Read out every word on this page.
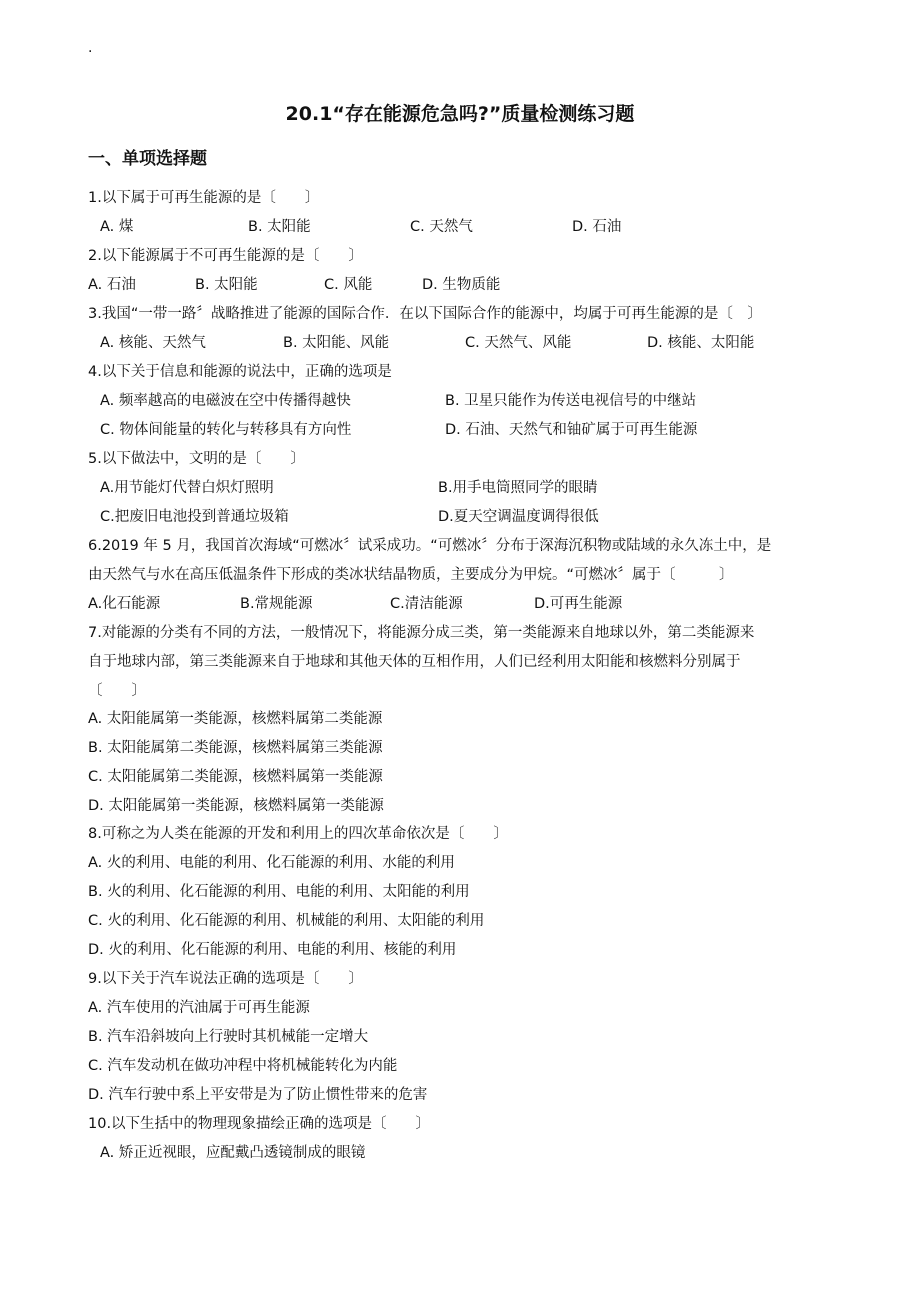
.
20.1“存在能源危急吗?”质量检测练习题
一、单项选择题
1.以下属于可再生能源的是〔　　〕
A. 煤	B. 太阳能	C. 天然气	D. 石油
2.以下能源属于不可再生能源的是〔　　〕
A. 石油	B. 太阳能	C. 风能	D. 生物质能
3.我国“一带一路〞战略推进了能源的国际合作．在以下国际合作的能源中，均属于可再生能源的是〔　〕
A. 核能、天然气	B. 太阳能、风能	C. 天然气、风能	D. 核能、太阳能
4.以下关于信息和能源的说法中，正确的选项是
A. 频率越高的电磁波在空中传播得越快	B. 卫星只能作为传送电视信号的中继站
C. 物体间能量的转化与转移具有方向性	D. 石油、天然气和铀矿属于可再生能源
5.以下做法中，文明的是〔　　〕
A.用节能灯代替白炽灯照明	B.用手电筒照同学的眼睛
C.把废旧电池投到普通垃圾箱	D.夏天空调温度调得很低
6.2019 年 5 月，我国首次海域“可燃冰〞试采成功。“可燃冰〞分布于深海沉积物或陆域的永久冻土中，是
由天然气与水在高压低温条件下形成的类冰状结晶物质，主要成分为甲烷。“可燃冰〞属于〔　　　〕
A.化石能源	B.常规能源	C.清洁能源	D.可再生能源
7.对能源的分类有不同的方法，一般情况下，将能源分成三类，第一类能源来自地球以外，第二类能源来
自于地球内部，第三类能源来自于地球和其他天体的互相作用，人们已经利用太阳能和核燃料分别属于
〔　　〕
A. 太阳能属第一类能源，核燃料属第二类能源
B. 太阳能属第二类能源，核燃料属第三类能源
C. 太阳能属第二类能源，核燃料属第一类能源
D. 太阳能属第一类能源，核燃料属第一类能源
8.可称之为人类在能源的开发和利用上的四次革命依次是〔　　〕
A. 火的利用、电能的利用、化石能源的利用、水能的利用
B. 火的利用、化石能源的利用、电能的利用、太阳能的利用
C. 火的利用、化石能源的利用、机械能的利用、太阳能的利用
D. 火的利用、化石能源的利用、电能的利用、核能的利用
9.以下关于汽车说法正确的选项是〔　　〕
A. 汽车使用的汽油属于可再生能源
B. 汽车沿斜坡向上行驶时其机械能一定增大
C. 汽车发动机在做功冲程中将机械能转化为内能
D. 汽车行驶中系上平安带是为了防止惯性带来的危害
10.以下生括中的物理现象描绘正确的选项是〔　　〕
A. 矫正近视眼，应配戴凸透镜制成的眼镜
